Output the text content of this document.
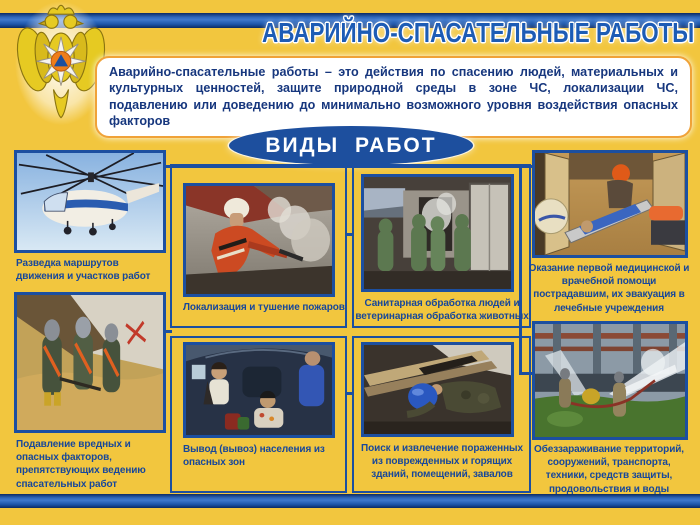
АВАРИЙНО-СПАСАТЕЛЬНЫЕ РАБОТЫ
Аварийно-спасательные работы – это действия по спасению людей, материальных и культурных ценностей, защите природной среды в зоне ЧС, локализации ЧС, подавлению или доведению до минимально возможного уровня воздействия опасных факторов
ВИДЫ РАБОТ
Разведка маршрутов движения и участков работ
Локализация и тушение пожаров	Санитарная обработка людей и ветеринарная обработка животных
Оказание первой медицинской и врачебной помощи пострадавшим, их эвакуация в лечебные учреждения
Подавление вредных и опасных факторов, препятствующих ведению спасательных работ
Вывод (вывоз) населения из опасных зон
Поиск и извлечение пораженных из поврежденных и горящих зданий, помещений, завалов
Обеззараживание территорий, сооружений, транспорта, техники, средств защиты, продовольствия и воды
